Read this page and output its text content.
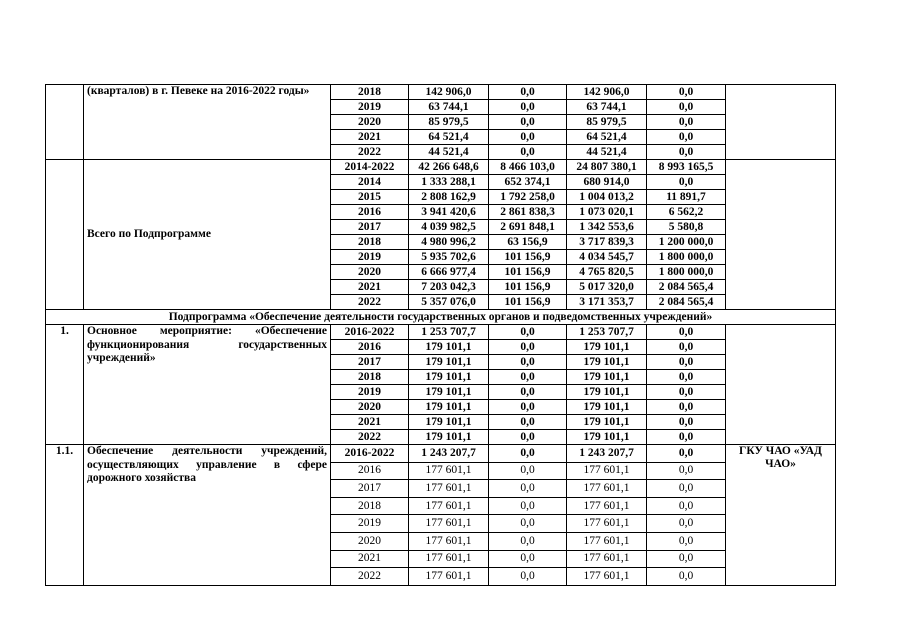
	(кварталов) в г. Певеке на 2016-2022 годы»	2018	142 906,0	0,0	142 906,0	0,0	
		2019	63 744,1	0,0	63 744,1	0,0	
		2020	85 979,5	0,0	85 979,5	0,0	
		2021	64 521,4	0,0	64 521,4	0,0	
		2022	44 521,4	0,0	44 521,4	0,0	
	Всего по Подпрограмме	2014-2022	42 266 648,6	8 466 103,0	24 807 380,1	8 993 165,5	
		2014	1 333 288,1	652 374,1	680 914,0	0,0	
		2015	2 808 162,9	1 792 258,0	1 004 013,2	11 891,7	
		2016	3 941 420,6	2 861 838,3	1 073 020,1	6 562,2	
		2017	4 039 982,5	2 691 848,1	1 342 553,6	5 580,8	
		2018	4 980 996,2	63 156,9	3 717 839,3	1 200 000,0	
		2019	5 935 702,6	101 156,9	4 034 545,7	1 800 000,0	
		2020	6 666 977,4	101 156,9	4 765 820,5	1 800 000,0	
		2021	7 203 042,3	101 156,9	5 017 320,0	2 084 565,4	
		2022	5 357 076,0	101 156,9	3 171 353,7	2 084 565,4	
Подпрограмма «Обеспечение деятельности государственных органов и подведомственных учреждений»							
1.	Основное мероприятие: «Обеспечение функционирования государственных учреждений»	2016-2022	1 253 707,7	0,0	1 253 707,7	0,0	
		2016	179 101,1	0,0	179 101,1	0,0	
		2017	179 101,1	0,0	179 101,1	0,0	
		2018	179 101,1	0,0	179 101,1	0,0	
		2019	179 101,1	0,0	179 101,1	0,0	
		2020	179 101,1	0,0	179 101,1	0,0	
		2021	179 101,1	0,0	179 101,1	0,0	
		2022	179 101,1	0,0	179 101,1	0,0	
1.1.	Обеспечение деятельности учреждений, осуществляющих управление в сфере дорожного хозяйства	2016-2022	1 243 207,7	0,0	1 243 207,7	0,0	ГКУ ЧАО «УАД ЧАО»
		2016	177 601,1	0,0	177 601,1	0,0	
		2017	177 601,1	0,0	177 601,1	0,0	
		2018	177 601,1	0,0	177 601,1	0,0	
		2019	177 601,1	0,0	177 601,1	0,0	
		2020	177 601,1	0,0	177 601,1	0,0	
		2021	177 601,1	0,0	177 601,1	0,0	
		2022	177 601,1	0,0	177 601,1	0,0	
